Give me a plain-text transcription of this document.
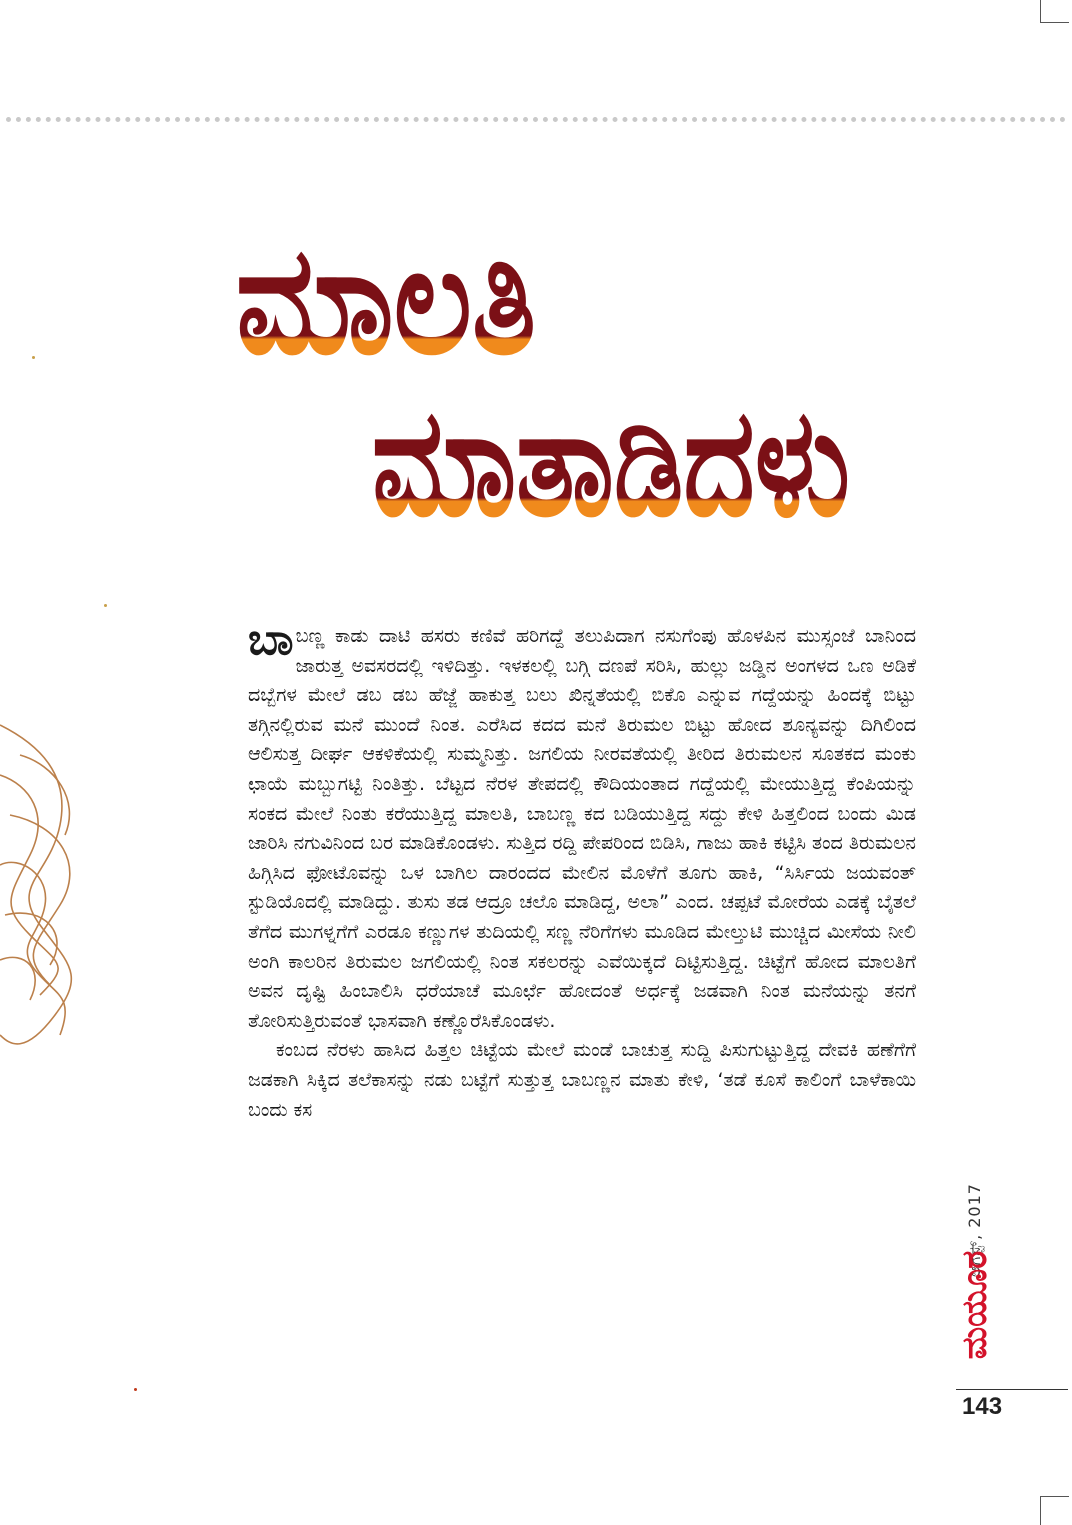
ಮಾಲತಿ
ಮಾತಾಡಿದಳು

ಬಾಬಣ್ಣ ಕಾಡು ದಾಟಿ ಹಸರು ಕಣಿವೆ ಹರಿಗದ್ದೆ ತಲುಪಿದಾಗ ನಸುಗೆಂಪು ಹೊಳಪಿನ ಮುಸ್ಸಂಜೆ ಬಾನಿಂದ ಜಾರುತ್ತ ಅವಸರದಲ್ಲಿ ಇಳಿದಿತ್ತು. ಇಳಕಲಲ್ಲಿ ಬಗ್ಗಿ ದಣಪೆ ಸರಿಸಿ, ಹುಲ್ಲು ಜಡ್ಡಿನ ಅಂಗಳದ ಒಣ ಅಡಿಕೆ ದಬ್ಬೆಗಳ ಮೇಲೆ ಡಬ ಡಬ ಹೆಜ್ಜೆ ಹಾಕುತ್ತ ಬಲು ಖಿನ್ನತೆಯಲ್ಲಿ ಬಿಕೊ ಎನ್ನುವ ಗದ್ದೆಯನ್ನು ಹಿಂದಕ್ಕೆ ಬಿಟ್ಟು ತಗ್ಗಿನಲ್ಲಿರುವ ಮನೆ ಮುಂದೆ ನಿಂತ. ಎರೆಸಿದ ಕದದ ಮನೆ ತಿರುಮಲ ಬಿಟ್ಟು ಹೋದ ಶೂನ್ಯವನ್ನು ದಿಗಿಲಿಂದ ಆಲಿಸುತ್ತ ದೀರ್ಘ ಆಕಳಿಕೆಯಲ್ಲಿ ಸುಮ್ಮನಿತ್ತು. ಜಗಲಿಯ ನೀರವತೆಯಲ್ಲಿ ತೀರಿದ ತಿರುಮಲನ ಸೂತಕದ ಮಂಕು ಛಾಯೆ ಮಬ್ಬುಗಟ್ಟಿ ನಿಂತಿತ್ತು. ಬೆಟ್ಟದ ನೆರಳ ತೇಪದಲ್ಲಿ ಕೌದಿಯಂತಾದ ಗದ್ದೆಯಲ್ಲಿ ಮೇಯುತ್ತಿದ್ದ ಕೆಂಪಿಯನ್ನು ಸಂಕದ ಮೇಲೆ ನಿಂತು ಕರೆಯುತ್ತಿದ್ದ ಮಾಲತಿ, ಬಾಬಣ್ಣ ಕದ ಬಡಿಯುತ್ತಿದ್ದ ಸದ್ದು ಕೇಳಿ ಹಿತ್ತಲಿಂದ ಬಂದು ಮಿಡ ಜಾರಿಸಿ ನಗುವಿನಿಂದ ಬರ ಮಾಡಿಕೊಂಡಳು. ಸುತ್ತಿದ ರದ್ದಿ ಪೇಪರಿಂದ ಬಿಡಿಸಿ, ಗಾಜು ಹಾಕಿ ಕಟ್ಟಿಸಿ ತಂದ ತಿರುಮಲನ ಹಿಗ್ಗಿಸಿದ ಫೋಟೊವನ್ನು ಒಳ ಬಾಗಿಲ ದಾರಂದದ ಮೇಲಿನ ಮೊಳೆಗೆ ತೂಗು ಹಾಕಿ, “ಸಿರ್ಸಿಯ ಜಯವಂತ್ ಸ್ಟುಡಿಯೊದಲ್ಲಿ ಮಾಡಿದ್ದು. ತುಸು ತಡ ಆದ್ರೂ ಚಲೊ ಮಾಡಿದ್ದ, ಅಲಾ” ಎಂದ. ಚಪ್ಪಟೆ ಮೋರೆಯ ಎಡಕ್ಕೆ ಬೈತಲೆ ತೆಗೆದ ಮುಗಳ್ನಗೆಗೆ ಎರಡೂ ಕಣ್ಣುಗಳ ತುದಿಯಲ್ಲಿ ಸಣ್ಣ ನೆರಿಗೆಗಳು ಮೂಡಿದ ಮೇಲ್ತುಟಿ ಮುಚ್ಚಿದ ಮೀಸೆಯ ನೀಲಿ ಅಂಗಿ ಕಾಲರಿನ ತಿರುಮಲ ಜಗಲಿಯಲ್ಲಿ ನಿಂತ ಸಕಲರನ್ನು ಎವೆಯಿಕ್ಕದೆ ದಿಟ್ಟಿಸುತ್ತಿದ್ದ. ಚಿಟ್ಟೆಗೆ ಹೋದ ಮಾಲತಿಗೆ ಅವನ ದೃಷ್ಟಿ ಹಿಂಬಾಲಿಸಿ ಧರೆಯಾಚೆ ಮೂರ್ಛೆ ಹೋದಂತೆ ಅರ್ಧಕ್ಕೆ ಜಡವಾಗಿ ನಿಂತ ಮನೆಯನ್ನು ತನಗೆ ತೋರಿಸುತ್ತಿರುವಂತೆ ಭಾಸವಾಗಿ ಕಣ್ಣೊರೆಸಿಕೊಂಡಳು.

ಕಂಬದ ನೆರಳು ಹಾಸಿದ ಹಿತ್ತಲ ಚಿಟ್ಟೆಯ ಮೇಲೆ ಮಂಡೆ ಬಾಚುತ್ತ ಸುದ್ದಿ ಪಿಸುಗುಟ್ಟುತ್ತಿದ್ದ ದೇವಕಿ ಹಣೆಗೆಗೆ ಜಡಕಾಗಿ ಸಿಕ್ಕಿದ ತಲೆಕಾಸನ್ನು ನಡು ಬಟ್ಟೆಗೆ ಸುತ್ತುತ್ತ ಬಾಬಣ್ಣನ ಮಾತು ಕೇಳಿ, ‘ತಡೆ ಕೂಸೆ ಕಾಲಿಂಗೆ ಬಾಳೆಕಾಯಿ ಬಂದು ಕಸ

ಆಗಸ್ಟ್, 2017
ಮಯೂರ
143
